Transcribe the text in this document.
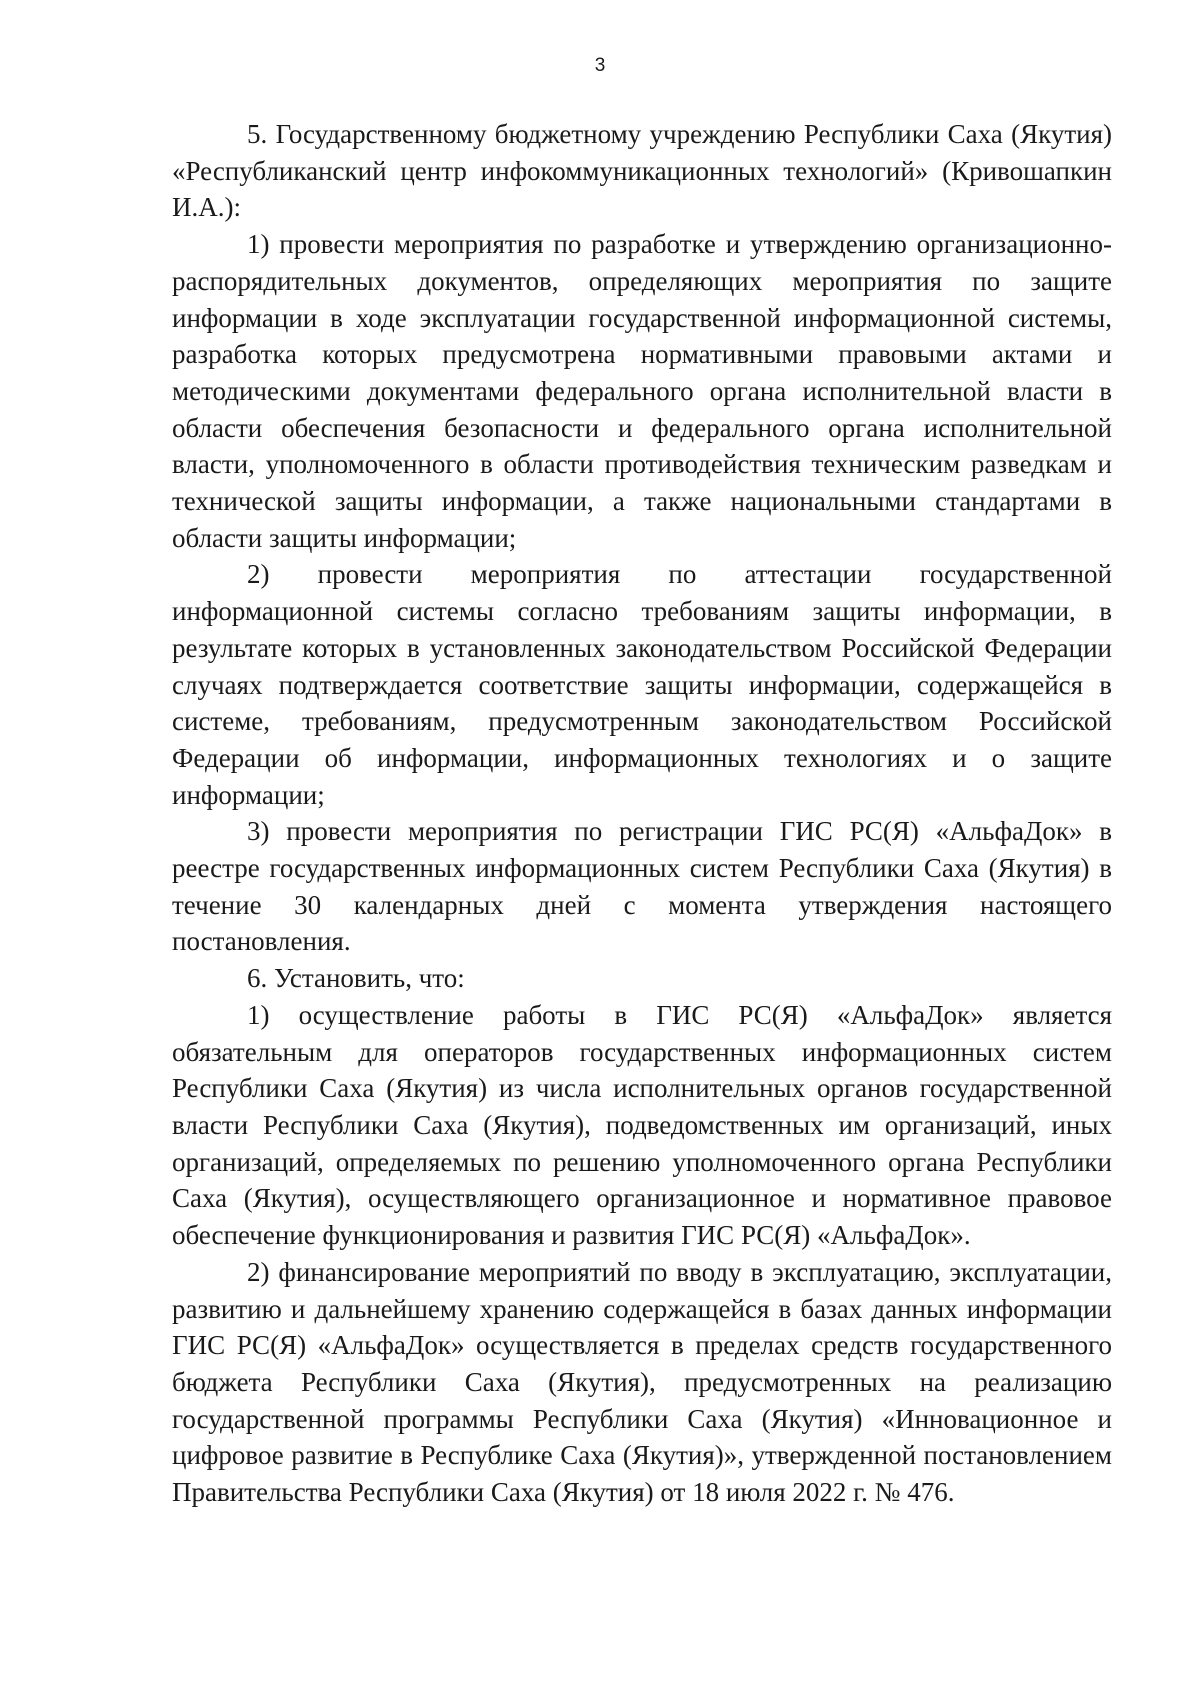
3

5. Государственному бюджетному учреждению Республики Саха (Якутия) «Республиканский центр инфокоммуникационных технологий» (Кривошапкин И.А.):

1) провести мероприятия по разработке и утверждению организационно-распорядительных документов, определяющих мероприятия по защите информации в ходе эксплуатации государственной информационной системы, разработка которых предусмотрена нормативными правовыми актами и методическими документами федерального органа исполнительной власти в области обеспечения безопасности и федерального органа исполнительной власти, уполномоченного в области противодействия техническим разведкам и технической защиты информации, а также национальными стандартами в области защиты информации;

2) провести мероприятия по аттестации государственной информационной системы согласно требованиям защиты информации, в результате которых в установленных законодательством Российской Федерации случаях подтверждается соответствие защиты информации, содержащейся в системе, требованиям, предусмотренным законодательством Российской Федерации об информации, информационных технологиях и о защите информации;

3) провести мероприятия по регистрации ГИС РС(Я) «АльфаДок» в реестре государственных информационных систем Республики Саха (Якутия) в течение 30 календарных дней с момента утверждения настоящего постановления.

6. Установить, что:

1) осуществление работы в ГИС РС(Я) «АльфаДок» является обязательным для операторов государственных информационных систем Республики Саха (Якутия) из числа исполнительных органов государственной власти Республики Саха (Якутия), подведомственных им организаций, иных организаций, определяемых по решению уполномоченного органа Республики Саха (Якутия), осуществляющего организационное и нормативное правовое обеспечение функционирования и развития ГИС РС(Я) «АльфаДок».

2) финансирование мероприятий по вводу в эксплуатацию, эксплуатации, развитию и дальнейшему хранению содержащейся в базах данных информации ГИС РС(Я) «АльфаДок» осуществляется в пределах средств государственного бюджета Республики Саха (Якутия), предусмотренных на реализацию государственной программы Республики Саха (Якутия) «Инновационное и цифровое развитие в Республике Саха (Якутия)», утвержденной постановлением Правительства Республики Саха (Якутия) от 18 июля 2022 г. № 476.
